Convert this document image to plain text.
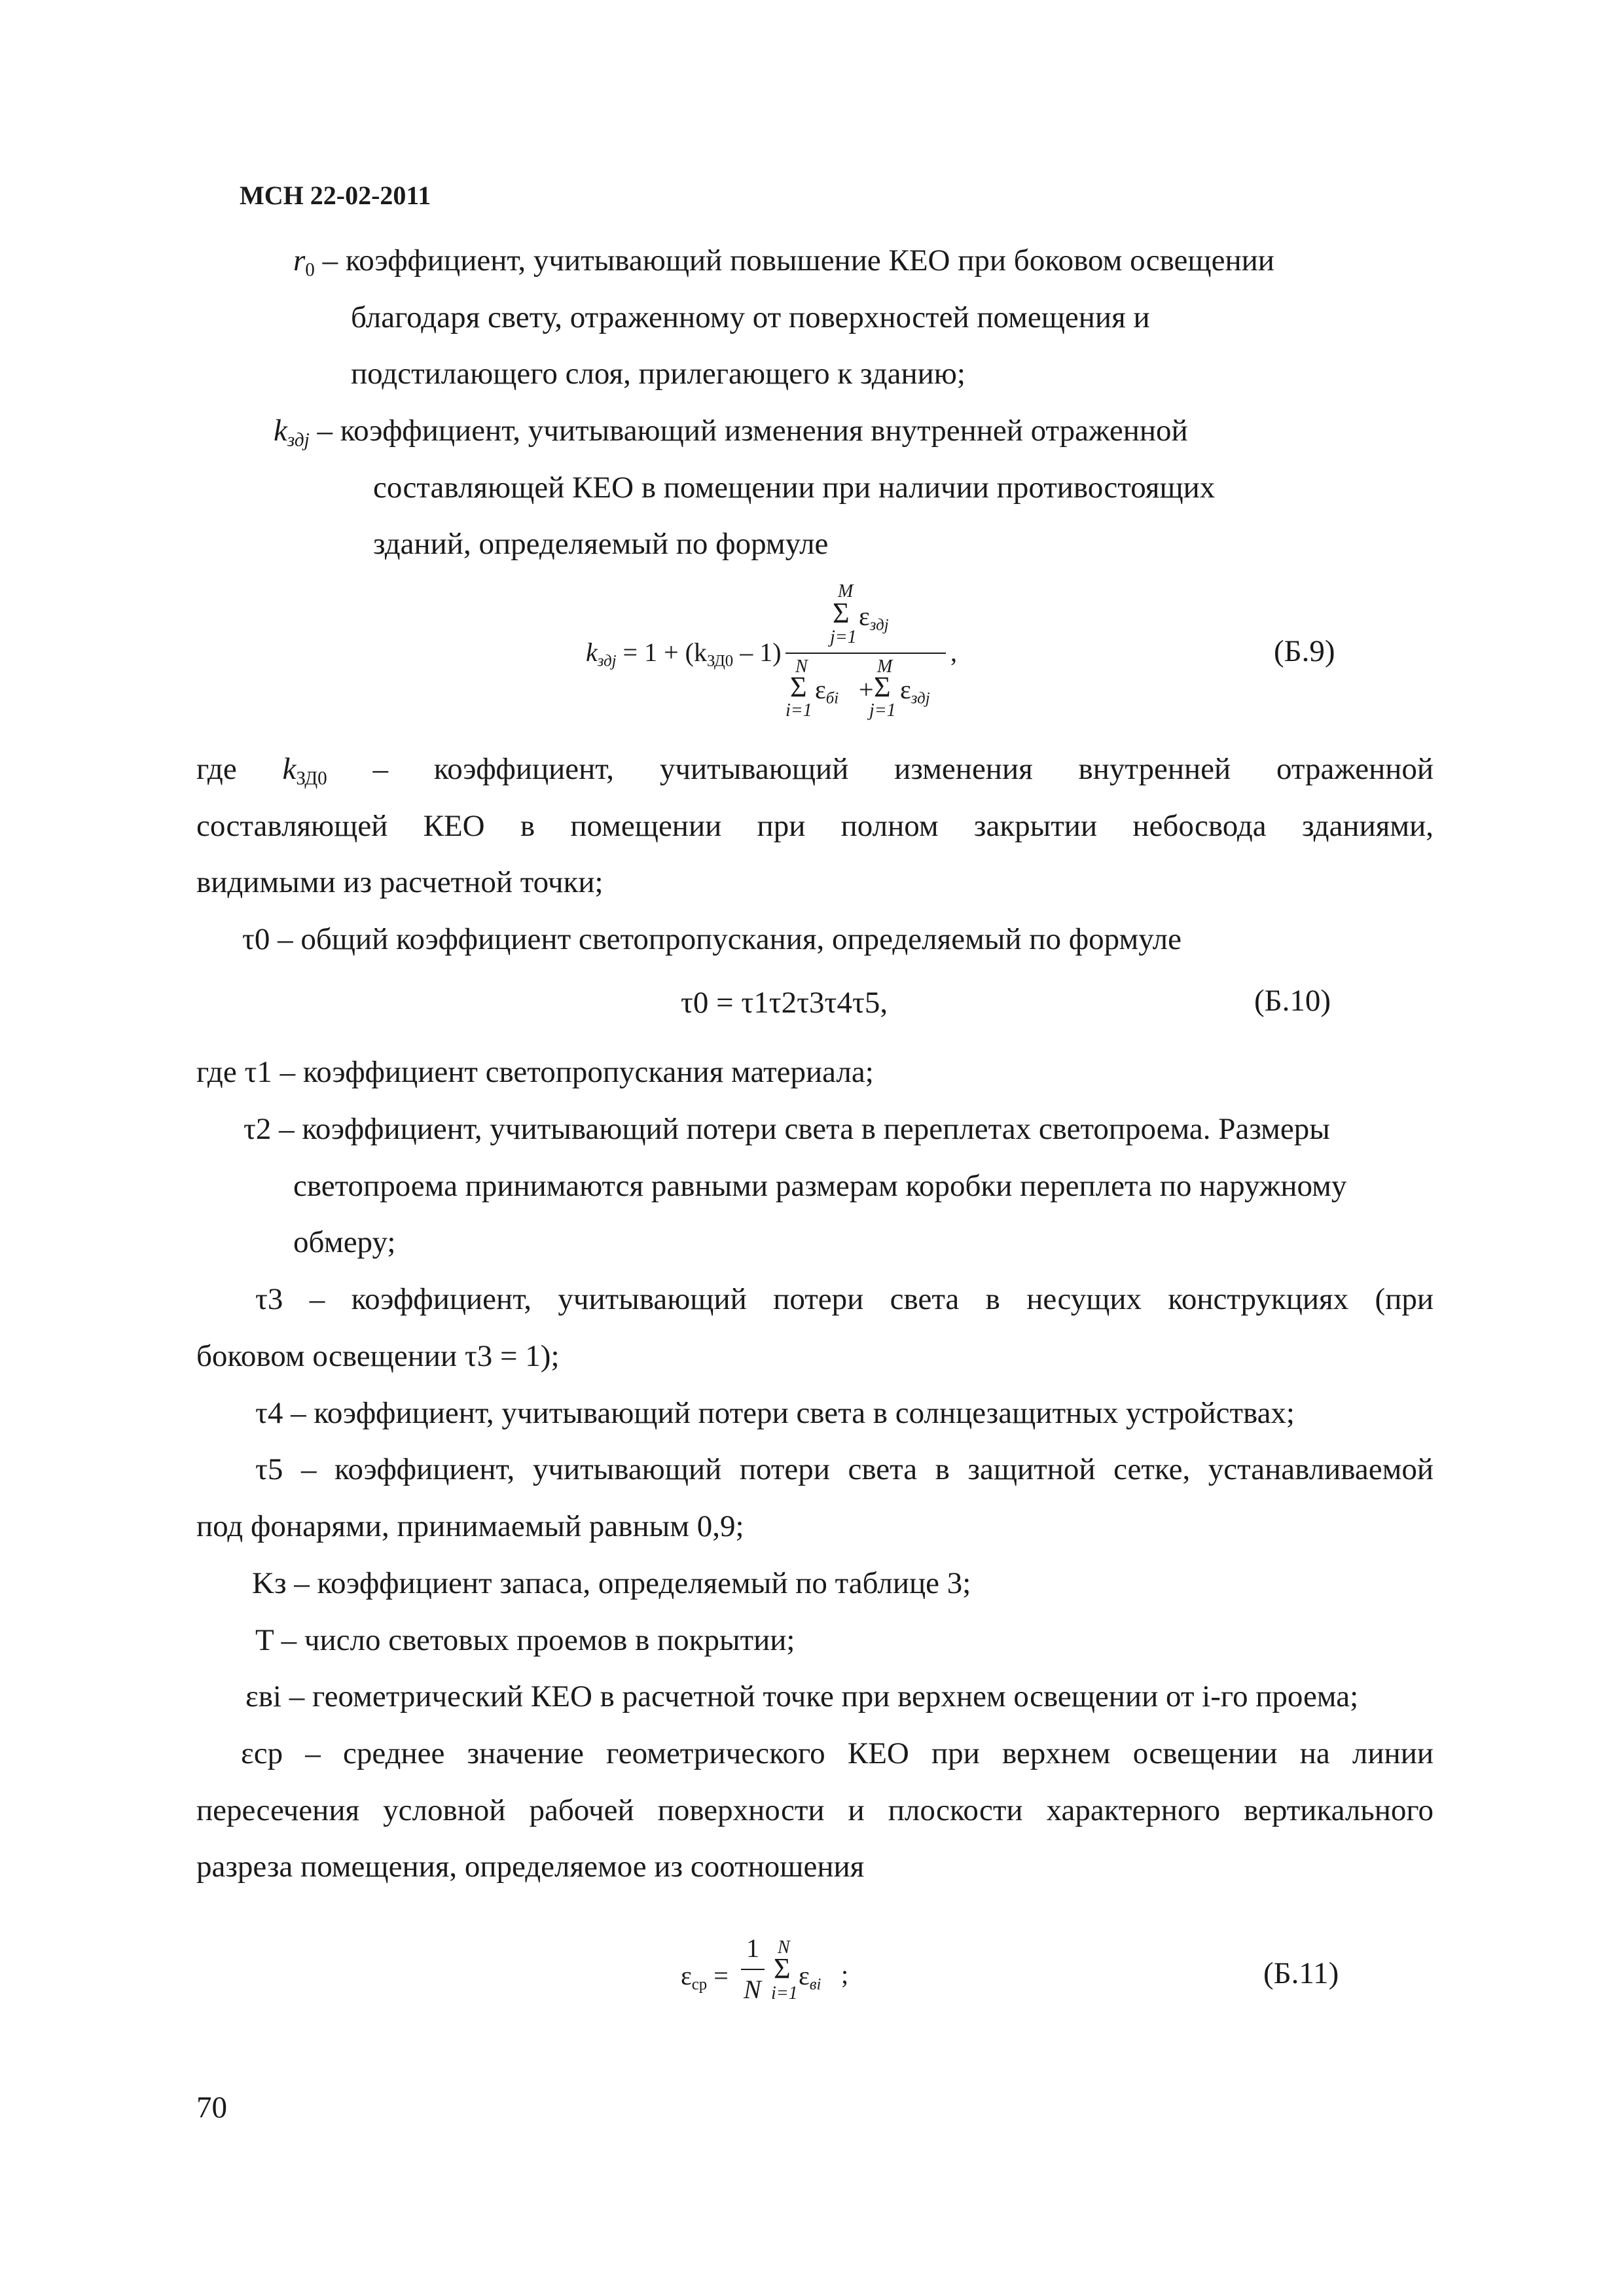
МСН 22-02-2011
$r_0$ – коэффициент, учитывающий повышение КЕО при боковом освещении
благодаря свету, отраженному от поверхностей помещения и
подстилающего слоя, прилегающего к зданию;
$k_{здj}$ – коэффициент, учитывающий изменения внутренней отраженной
составляющей КЕО в помещении при наличии противостоящих
зданий, определяемый по формуле
$k_{здj} = 1 + (k_{ЗД0} - 1)$
M
Σ $\varepsilon_{здj}$
j=1
N
Σ $\varepsilon_{бi}$
i=1
+
M
Σ $\varepsilon_{здj}$
j=1
,	(Б.9)
где $k_{ЗД0}$ – коэффициент, учитывающий изменения внутренней отраженной
составляющей КЕО в помещении при полном закрытии небосвода зданиями,
видимыми из расчетной точки;
τ0 – общий коэффициент светопропускания, определяемый по формуле
τ0 = τ1τ2τ3τ4τ5,	(Б.10)
где τ1 – коэффициент светопропускания материала;
τ2 – коэффициент, учитывающий потери света в переплетах светопроема. Размеры
светопроема принимаются равными размерам коробки переплета по наружному
обмеру;
τ3 – коэффициент, учитывающий потери света в несущих конструкциях (при
боковом освещении τ3 = 1);
τ4 – коэффициент, учитывающий потери света в солнцезащитных устройствах;
τ5 – коэффициент, учитывающий потери света в защитной сетке, устанавливаемой
под фонарями, принимаемый равным 0,9;
Kз – коэффициент запаса, определяемый по таблице 3;
T – число световых проемов в покрытии;
εвi – геометрический КЕО в расчетной точке при верхнем освещении от i-го проема;
εср – среднее значение геометрического КЕО при верхнем освещении на линии
пересечения условной рабочей поверхности и плоскости характерного вертикального
разреза помещения, определяемое из соотношения
$\varepsilon_{ср}$ =
1
N
N
Σ
i=1
$\varepsilon_{вi}$ ;	(Б.11)
70
